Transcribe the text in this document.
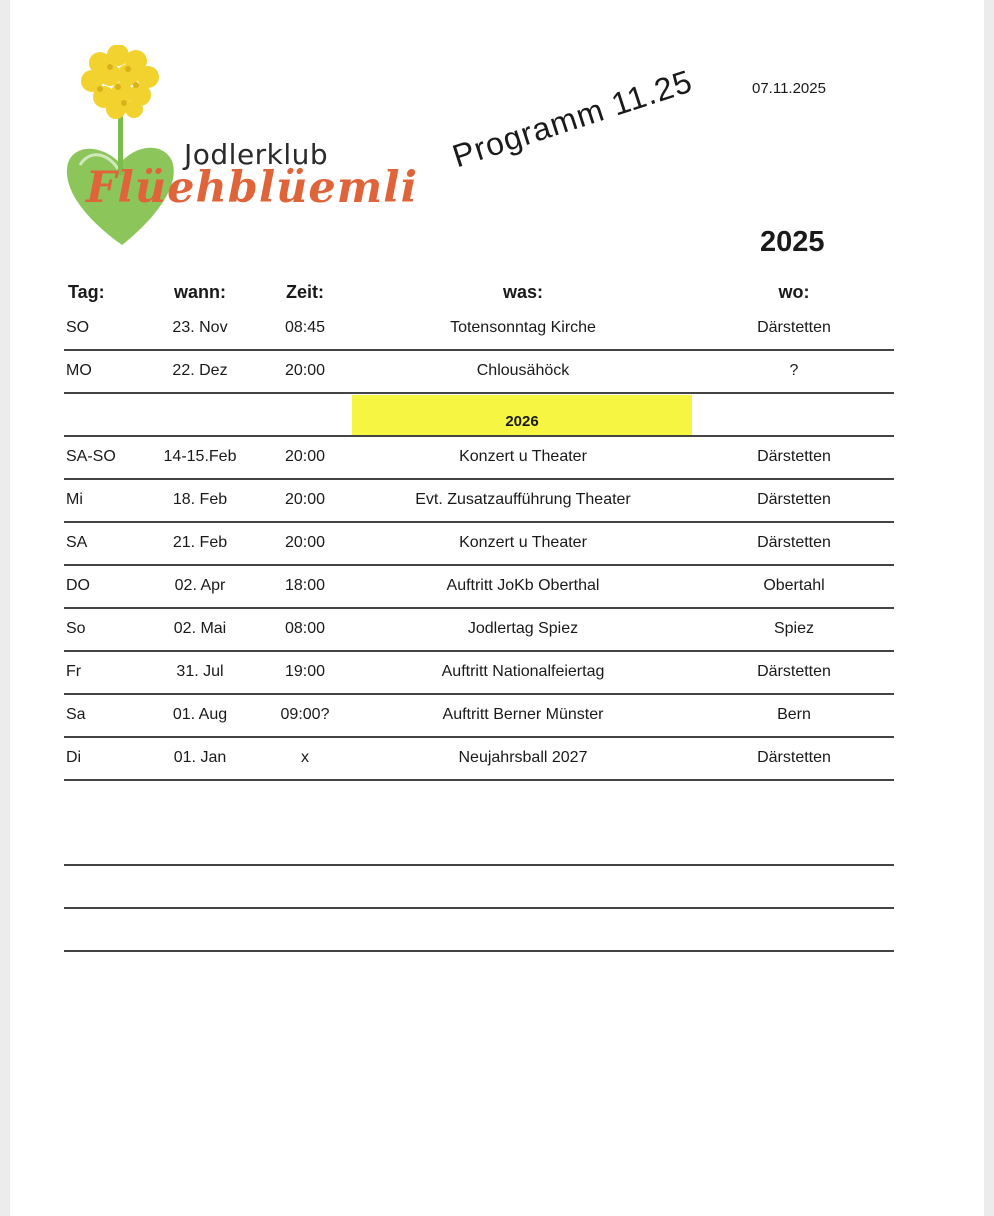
Jodlerklub
Flüehblüemli
07.11.2025
Programm 11.25
2025
Tag:	wann:	Zeit:	was:	wo:
SO	23. Nov	08:45	Totensonntag Kirche	Därstetten
MO	22. Dez	20:00	Chlousähöck	?
2026
SA-SO	14-15.Feb	20:00	Konzert u Theater	Därstetten
Mi	18. Feb	20:00	Evt. Zusatzaufführung Theater	Därstetten
SA	21. Feb	20:00	Konzert u Theater	Därstetten
DO	02. Apr	18:00	Auftritt JoKb Oberthal	Obertahl
So	02. Mai	08:00	Jodlertag Spiez	Spiez
Fr	31. Jul	19:00	Auftritt Nationalfeiertag	Därstetten
Sa	01. Aug	09:00?	Auftritt Berner Münster	Bern
Di	01. Jan	x	Neujahrsball 2027	Därstetten
